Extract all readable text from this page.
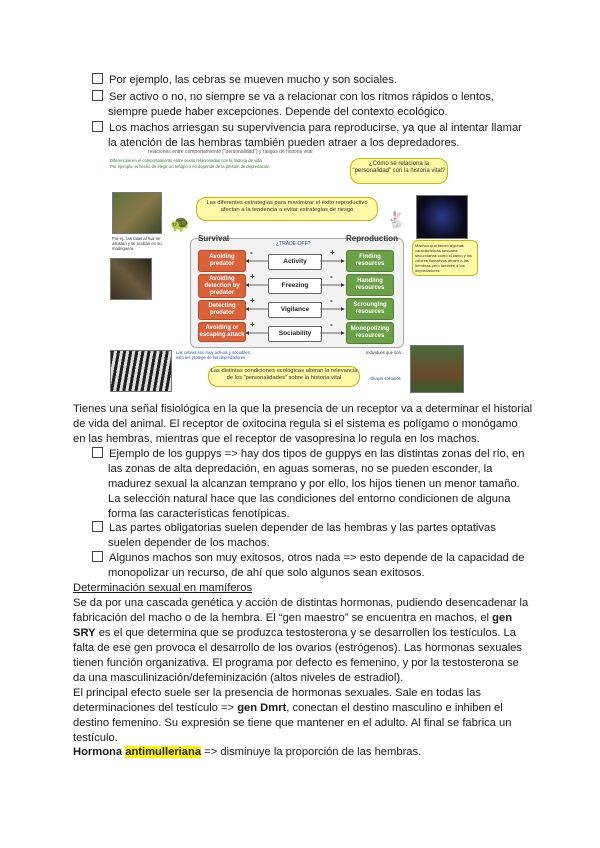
Por ejemplo, las cebras se mueven mucho y son sociales.
Ser activo o no, no siempre se va a relacionar con los ritmos rápidos o lentos,
siempre puede haber excepciones. Depende del contexto ecológico.
Los machos arriesgan su supervivencia para reproducirse, ya que al intentar llamar
la atención de las hembras también pueden atraer a los depredadores.
relaciones entre comportamiento (“personalidad”) y rasgos de historia vital
Diferencias en el comportamiento entre sexos relacionadas con la historia de vida
Por ejemplo, el hecho de elegir un refugio o no depende de la presión de depredación	¿Cómo se relaciona la “personalidad” con la historia vital?
Las diferentes estrategias para maximizar el éxito reproductivo afectan a la tendencia a evitar estrategias de riesgo
🐢	🐇
Por ej., las ratas al huir se asustan y se ocultan en su madriguera
Machos que tienen algunas características sexuales secundarias como el canto y los colores llamativos atraen a las hembras pero también a los depredadores
Survival	Reproduction
¿TRADE-OFF?
Avoiding predator
Avoiding detection by predator
Detecting predator
Avoiding or escaping attack
Finding resources
Handling resources
Scrounging resources
Monopolizing resources
Activity
Freezing
Vigilance
Sociability
-
+
+
+
+
-
-
-
Las cebras son muy activas y sociables; esto les protege de los depredadores
Las distintas condiciones ecológicas alteran la relevancia de los “personalidades” sobre la historia vital
Individuos que son...
Okapis solitarios
Tienes una señal fisiológica en la que la presencia de un receptor va a determinar el historial
de vida del animal. El receptor de oxitocina regula si el sistema es polígamo o monógamo
en las hembras, mientras que el receptor de vasopresina lo regula en los machos.
Ejemplo de los guppys => hay dos tipos de guppys en las distintas zonas del río, en
las zonas de alta depredación, en aguas someras, no se pueden esconder, la
madurez sexual la alcanzan temprano y por ello, los hijos tienen un menor tamaño.
La selección natural hace que las condiciones del entorno condicionen de alguna
forma las características fenotípicas.
Las partes obligatorias suelen depender de las hembras y las partes optativas
suelen depender de los machos.
Algunos machos son muy exitosos, otros nada => esto depende de la capacidad de
monopolizar un recurso, de ahí que solo algunos sean exitosos.
Determinación sexual en mamíferos
Se da por una cascada genética y acción de distintas hormonas, pudiendo desencadenar la
fabricación del macho o de la hembra. El “gen maestro” se encuentra en machos, el gen
SRY es el que determina que se produzca testosterona y se desarrollen los testículos. La
falta de ese gen provoca el desarrollo de los ovarios (estrógenos). Las hormonas sexuales
tienen función organizativa. El programa por defecto es femenino, y por la testosterona se
da una masculinización/defeminización (altos niveles de estradiol).
El principal efecto suele ser la presencia de hormonas sexuales. Sale en todas las
determinaciones del testículo => gen Dmrt, conectan el destino masculino e inhiben el
destino femenino. Su expresión se tiene que mantener en el adulto. Al final se fabrica un
testículo.
Hormona antimulleriana => disminuye la proporción de las hembras.
